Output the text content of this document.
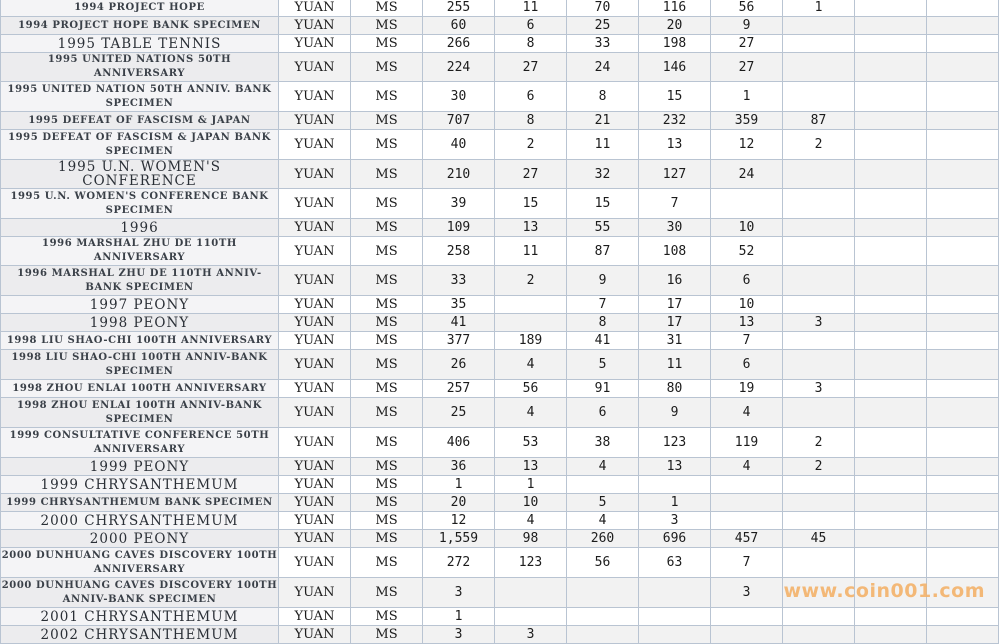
1994 PROJECT HOPE	YUAN	MS	255	11	70	116	56	1		
1994 PROJECT HOPE BANK SPECIMEN	YUAN	MS	60	6	25	20	9			
1995 TABLE TENNIS	YUAN	MS	266	8	33	198	27			
1995 UNITED NATIONS 50TH ANNIVERSARY	YUAN	MS	224	27	24	146	27			
1995 UNITED NATION 50TH ANNIV. BANK SPECIMEN	YUAN	MS	30	6	8	15	1			
1995 DEFEAT OF FASCISM & JAPAN	YUAN	MS	707	8	21	232	359	87		
1995 DEFEAT OF FASCISM & JAPAN BANK SPECIMEN	YUAN	MS	40	2	11	13	12	2		
1995 U.N. WOMEN'S CONFERENCE	YUAN	MS	210	27	32	127	24			
1995 U.N. WOMEN'S CONFERENCE BANK SPECIMEN	YUAN	MS	39	15	15	7				
1996	YUAN	MS	109	13	55	30	10			
1996 MARSHAL ZHU DE 110TH ANNIVERSARY	YUAN	MS	258	11	87	108	52			
1996 MARSHAL ZHU DE 110TH ANNIV-BANK SPECIMEN	YUAN	MS	33	2	9	16	6			
1997 PEONY	YUAN	MS	35		7	17	10			
1998 PEONY	YUAN	MS	41		8	17	13	3		
1998 LIU SHAO-CHI 100TH ANNIVERSARY	YUAN	MS	377	189	41	31	7			
1998 LIU SHAO-CHI 100TH ANNIV-BANK SPECIMEN	YUAN	MS	26	4	5	11	6			
1998 ZHOU ENLAI 100TH ANNIVERSARY	YUAN	MS	257	56	91	80	19	3		
1998 ZHOU ENLAI 100TH ANNIV-BANK SPECIMEN	YUAN	MS	25	4	6	9	4			
1999 CONSULTATIVE CONFERENCE 50TH ANNIVERSARY	YUAN	MS	406	53	38	123	119	2		
1999 PEONY	YUAN	MS	36	13	4	13	4	2		
1999 CHRYSANTHEMUM	YUAN	MS	1	1						
1999 CHRYSANTHEMUM BANK SPECIMEN	YUAN	MS	20	10	5	1				
2000 CHRYSANTHEMUM	YUAN	MS	12	4	4	3				
2000 PEONY	YUAN	MS	1,559	98	260	696	457	45		
2000 DUNHUANG CAVES DISCOVERY 100TH ANNIVERSARY	YUAN	MS	272	123	56	63	7			
2000 DUNHUANG CAVES DISCOVERY 100TH ANNIV-BANK SPECIMEN	YUAN	MS	3				3			
2001 CHRYSANTHEMUM	YUAN	MS	1							
2002 CHRYSANTHEMUM	YUAN	MS	3	3						
www.coin001.com
